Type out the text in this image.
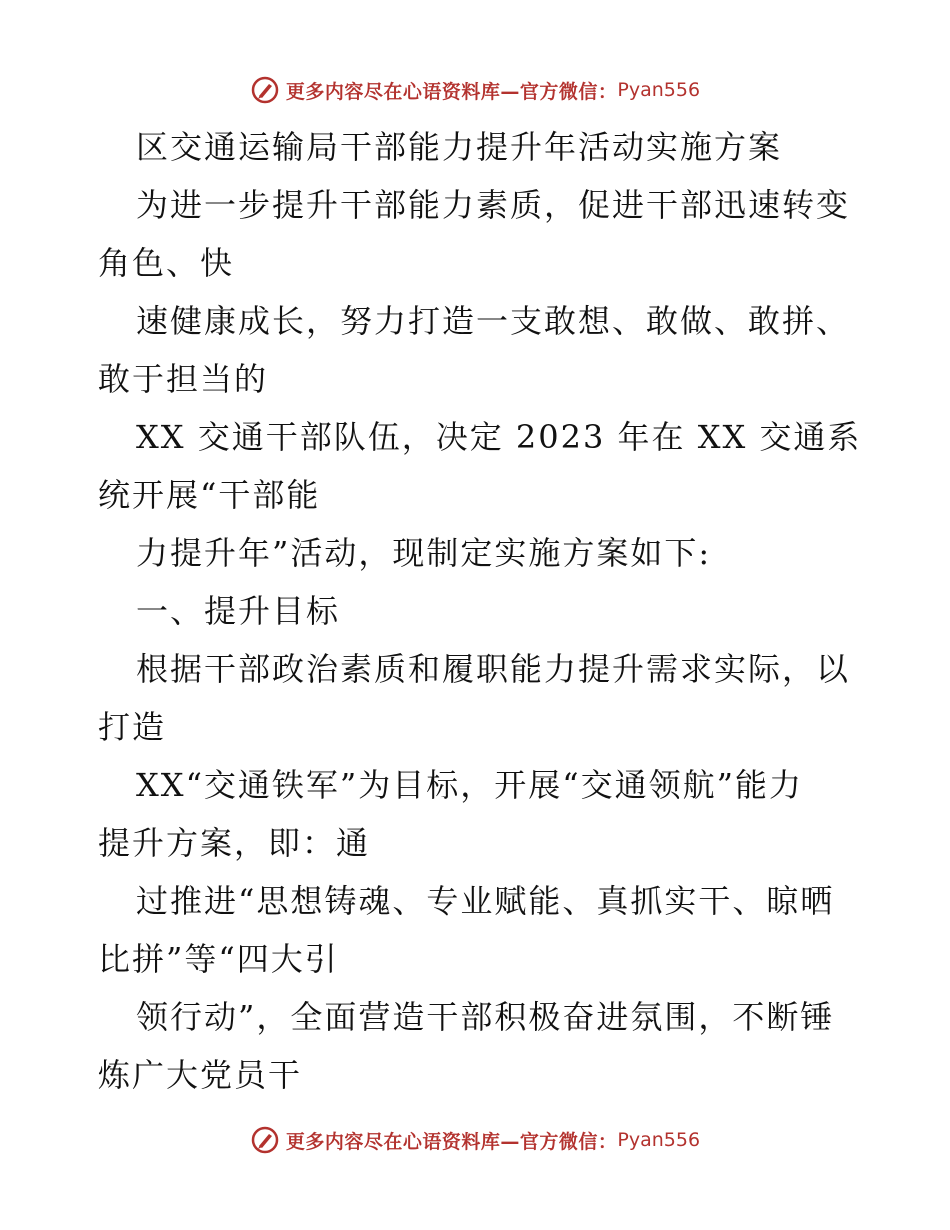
更多内容尽在心语资料库—官方微信： Pyan556
区交通运输局干部能力提升年活动实施方案
为进一步提升干部能力素质，促进干部迅速转变
角色、快
速健康成长，努力打造一支敢想、敢做、敢拼、
敢于担当的
XX 交通干部队伍，决定 2023 年在 XX 交通系
统开展“干部能
力提升年”活动，现制定实施方案如下:
一、提升目标
根据干部政治素质和履职能力提升需求实际，以
打造
XX“交通铁军”为目标，开展“交通领航”能力
提升方案，即：通
过推进“思想铸魂、专业赋能、真抓实干、晾晒
比拼”等“四大引
领行动”，全面营造干部积极奋进氛围，不断锤
炼广大党员干
更多内容尽在心语资料库—官方微信： Pyan556
